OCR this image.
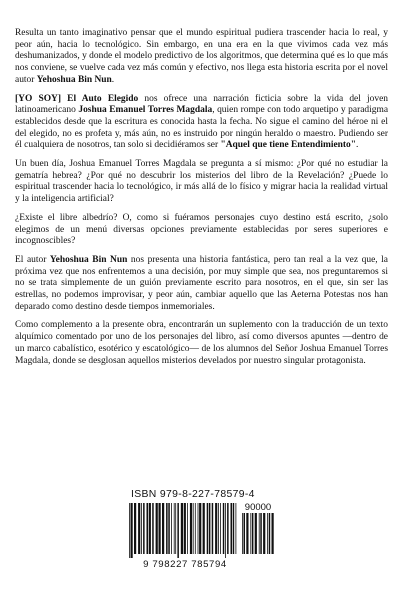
Resulta un tanto imaginativo pensar que el mundo espiritual pudiera trascender hacia lo real, y peor aún, hacia lo tecnológico. Sin embargo, en una era en la que vivimos cada vez más deshumanizados, y donde el modelo predictivo de los algoritmos, que determina qué es lo que más nos conviene, se vuelve cada vez más común y efectivo, nos llega esta historia escrita por el novel autor Yehoshua Bin Nun.

[YO SOY] El Auto Elegido nos ofrece una narración ficticia sobre la vida del joven latinoamericano Joshua Emanuel Torres Magdala, quien rompe con todo arquetipo y paradigma establecidos desde que la escritura es conocida hasta la fecha. No sigue el camino del héroe ni el del elegido, no es profeta y, más aún, no es instruido por ningún heraldo o maestro. Pudiendo ser él cualquiera de nosotros, tan solo si decidiéramos ser "Aquel que tiene Entendimiento".

Un buen día, Joshua Emanuel Torres Magdala se pregunta a sí mismo: ¿Por qué no estudiar la gematría hebrea? ¿Por qué no descubrir los misterios del libro de la Revelación? ¿Puede lo espiritual trascender hacia lo tecnológico, ir más allá de lo físico y migrar hacia la realidad virtual y la inteligencia artificial?

¿Existe el libre albedrío? O, como si fuéramos personajes cuyo destino está escrito, ¿solo elegimos de un menú diversas opciones previamente establecidas por seres superiores e incognoscibles?

El autor Yehoshua Bin Nun nos presenta una historia fantástica, pero tan real a la vez que, la próxima vez que nos enfrentemos a una decisión, por muy simple que sea, nos preguntaremos si no se trata simplemente de un guión previamente escrito para nosotros, en el que, sin ser las estrellas, no podemos improvisar, y peor aún, cambiar aquello que las Aeterna Potestas nos han deparado como destino desde tiempos inmemoriales.

Como complemento a la presente obra, encontrarán un suplemento con la traducción de un texto alquímico comentado por uno de los personajes del libro, así como diversos apuntes —dentro de un marco cabalístico, esotérico y escatológico— de los alumnos del Señor Joshua Emanuel Torres Magdala, donde se desglosan aquellos misterios develados por nuestro singular protagonista.

ISBN 979-8-227-78579-4
90000
9 798227 785794
